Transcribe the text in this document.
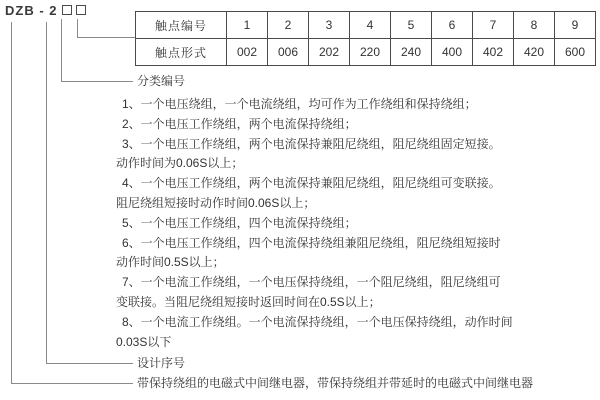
DZB - 2
触点编号	1	2	3	4	5	6	7	8	9
触点形式	002	006	202	220	240	400	402	420	600
分类编号
设计序号
带保持绕组的电磁式中间继电器，带保持绕组并带延时的电磁式中间继电器
1、一个电压绕组，一个电流绕组，均可作为工作绕组和保持绕组；
2、一个电压工作绕组，两个电流保持绕组；
3、一个电压工作绕组，两个电流保持兼阻尼绕组，阻尼绕组固定短接。
动作时间为0.06S以上；
4、一个电压工作绕组，两个电流保持兼阻尼绕组，阻尼绕组可变联接。
阻尼绕组短接时动作时间0.06S以上；
5、一个电压工作绕组，四个电流保持绕组；
6、一个电压工作绕组，四个电流保持绕组兼阻尼绕组，阻尼绕组短接时
动作时间0.5S以上；
7、一个电流工作绕组，一个电压保持绕组，一个阻尼绕组，阻尼绕组可
变联接。当阻尼绕组短接时返回时间在0.5S以上；
8、一个电流工作绕组。一个电流保持绕组，一个电压保持绕组，动作时间
0.03S以下
